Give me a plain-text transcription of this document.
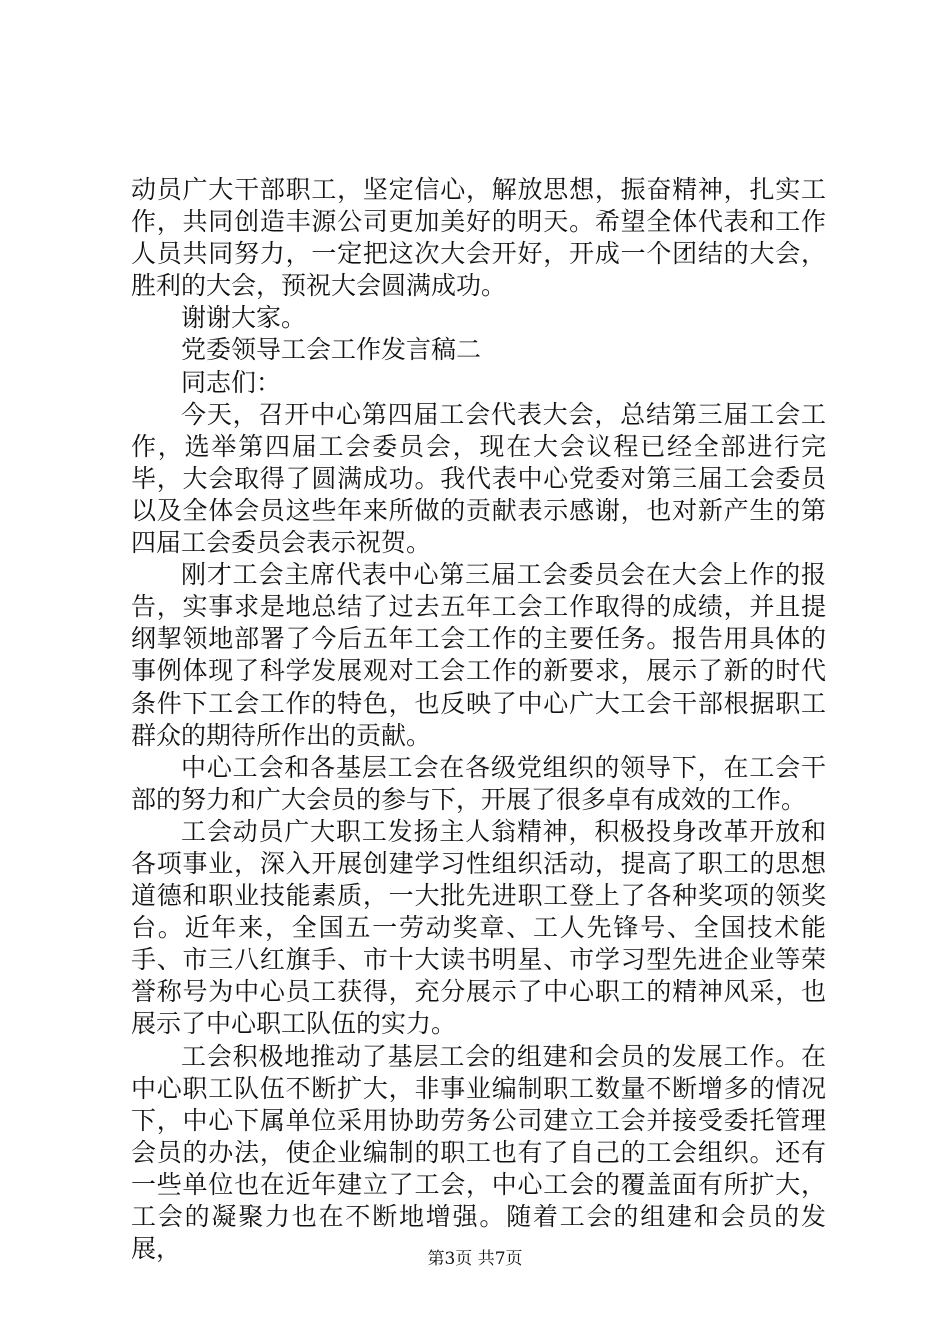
动员广大干部职工，坚定信心，解放思想，振奋精神，扎实工作，共同创造丰源公司更加美好的明天。希望全体代表和工作人员共同努力，一定把这次大会开好，开成一个团结的大会，胜利的大会，预祝大会圆满成功。

谢谢大家。

党委领导工会工作发言稿二

同志们：

今天，召开中心第四届工会代表大会，总结第三届工会工作，选举第四届工会委员会，现在大会议程已经全部进行完毕，大会取得了圆满成功。我代表中心党委对第三届工会委员以及全体会员这些年来所做的贡献表示感谢，也对新产生的第四届工会委员会表示祝贺。

刚才工会主席代表中心第三届工会委员会在大会上作的报告，实事求是地总结了过去五年工会工作取得的成绩，并且提纲挈领地部署了今后五年工会工作的主要任务。报告用具体的事例体现了科学发展观对工会工作的新要求，展示了新的时代条件下工会工作的特色，也反映了中心广大工会干部根据职工群众的期待所作出的贡献。

中心工会和各基层工会在各级党组织的领导下，在工会干部的努力和广大会员的参与下，开展了很多卓有成效的工作。

工会动员广大职工发扬主人翁精神，积极投身改革开放和各项事业，深入开展创建学习性组织活动，提高了职工的思想道德和职业技能素质，一大批先进职工登上了各种奖项的领奖台。近年来，全国五一劳动奖章、工人先锋号、全国技术能手、市三八红旗手、市十大读书明星、市学习型先进企业等荣誉称号为中心员工获得，充分展示了中心职工的精神风采，也展示了中心职工队伍的实力。

工会积极地推动了基层工会的组建和会员的发展工作。在中心职工队伍不断扩大，非事业编制职工数量不断增多的情况下，中心下属单位采用协助劳务公司建立工会并接受委托管理会员的办法，使企业编制的职工也有了自己的工会组织。还有一些单位也在近年建立了工会，中心工会的覆盖面有所扩大，工会的凝聚力也在不断地增强。随着工会的组建和会员的发展，	第3页 共7页
